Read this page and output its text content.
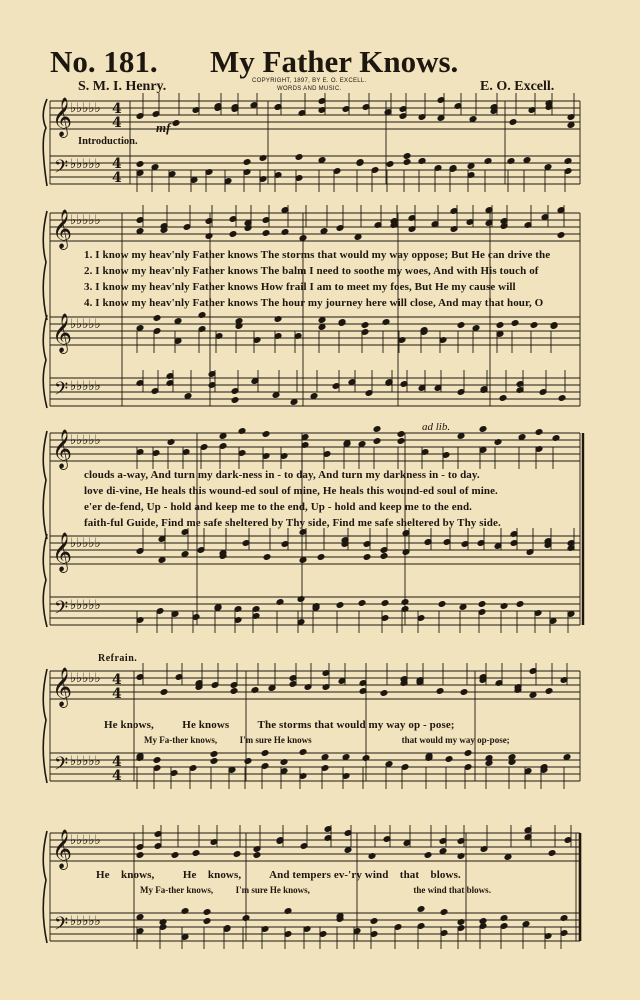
No. 181. My Father Knows.
S. M. I. Henry.	COPYRIGHT, 1897, BY E. O. EXCELL.
WORDS AND MUSIC.	E. O. Excell.
𝄞
𝄢
𝄞
𝄞
𝄢
𝄞
𝄞
𝄢
𝄞
𝄢
𝄞
𝄢
♭♭♭♭♭
♭♭♭♭♭
♭♭♭♭♭
♭♭♭♭♭
♭♭♭♭♭
♭♭♭♭♭
♭♭♭♭♭
♭♭♭♭♭
♭♭♭♭♭
♭♭♭♭♭
♭♭♭♭♭
♭♭♭♭♭
4
4
4
4
4
4
4
4
Introduction.
mf
ad lib.
Refrain.
1. I know my heav'nly Father knows The storms that would my way oppose; But He can drive the
2. I know my heav'nly Father knows The balm I need to soothe my woes, And with His touch of
3. I know my heav'nly Father knows How frail I am to meet my foes, But He my cause will
4. I know my heav'nly Father knows The hour my journey here will close, And may that hour, O
clouds a-way, And turn my dark-ness in - to day, And turn my darkness in - to day.
love di-vine, He heals this wound-ed soul of mine, He heals this wound-ed soul of mine.
e'er de-fend, Up - hold and keep me to the end, Up - hold and keep me to the end.
faith-ful Guide, Find me safe sheltered by Thy side, Find me safe sheltered by Thy side.
He knows,          He knows          The storms that would my way op - pose;
My Fa-ther knows,          I'm sure He knows                                        that would my way op-pose;
He    knows,          He    knows,          And tempers ev-'ry wind    that    blows.
My Fa-ther knows,          I'm sure He knows,                                              the wind that blows.
